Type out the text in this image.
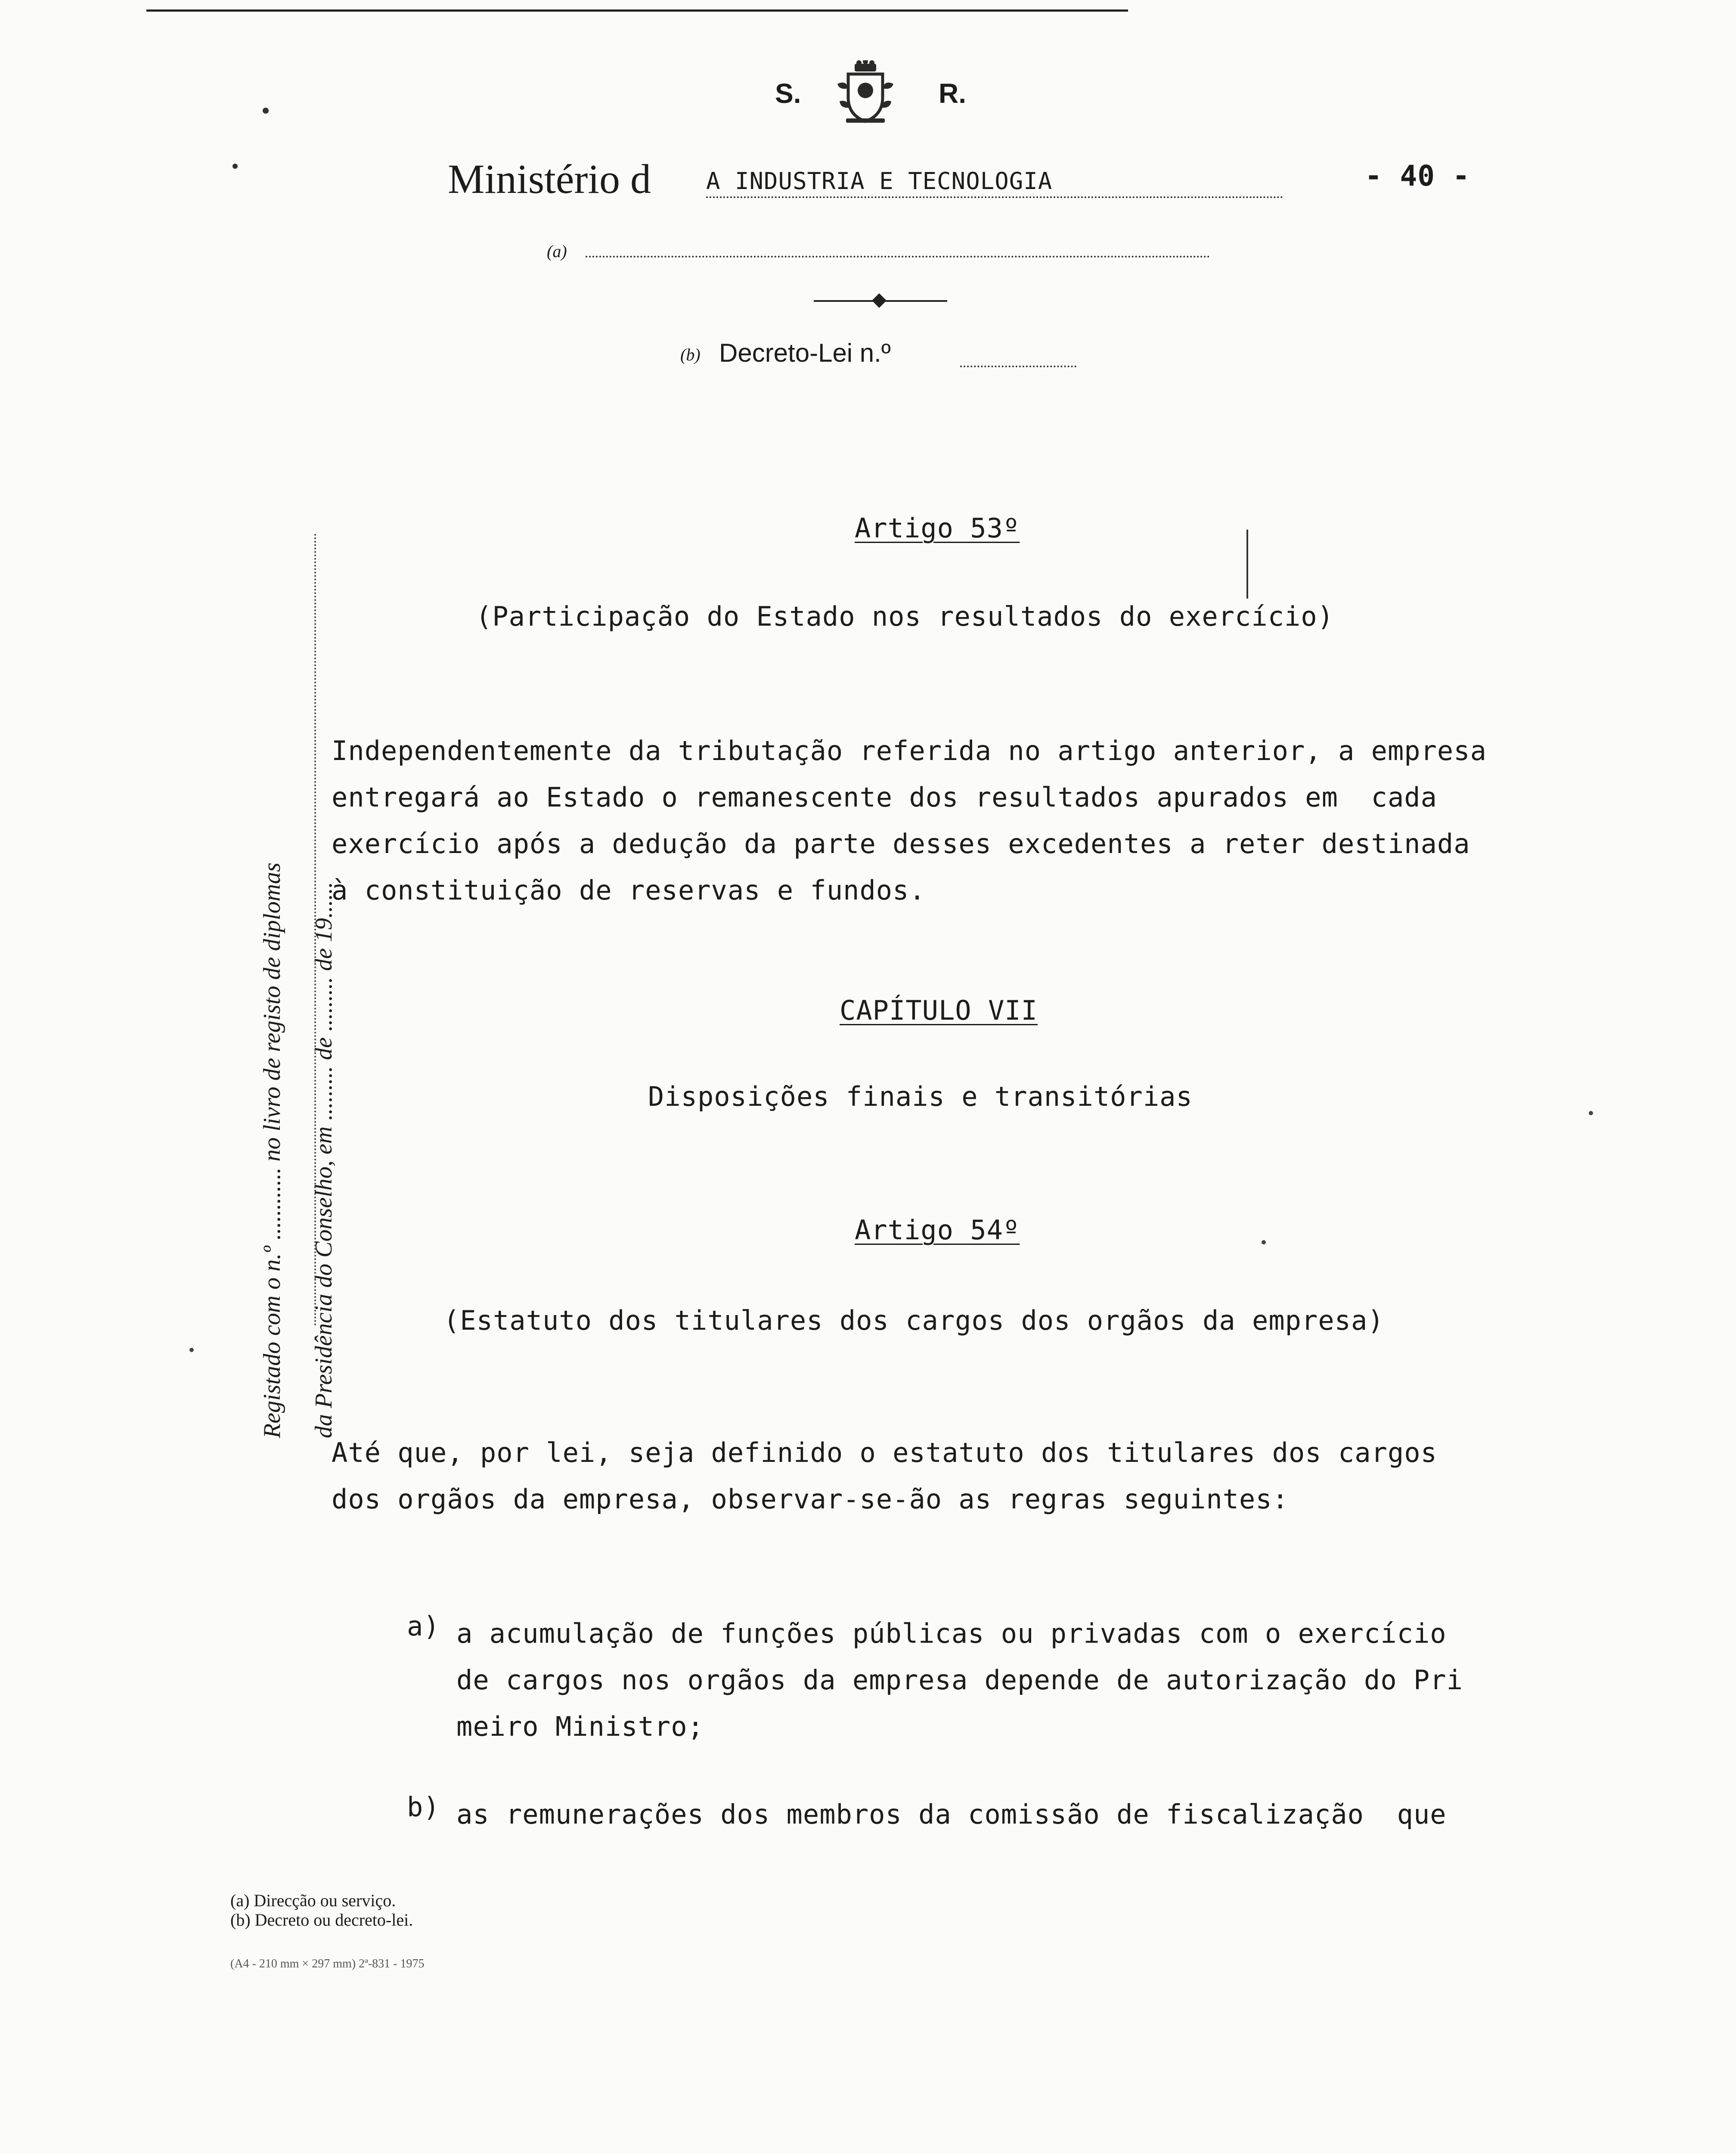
S.	R.
Ministério d A INDUSTRIA E TECNOLOGIA	- 40 -
(a)
(b) Decreto-Lei n.º
Registado com o n.º ............ no livro de registo de diplomas da Presidência do Conselho, em ......... de ......... de 19......
Artigo 53º
(Participação do Estado nos resultados do exercício)
Independentemente da tributação referida no artigo anterior, a empresa
entregará ao Estado o remanescente dos resultados apurados em  cada
exercício após a dedução da parte desses excedentes a reter destinada
à constituição de reservas e fundos.
CAPÍTULO VII
Disposições finais e transitórias
Artigo 54º
(Estatuto dos titulares dos cargos dos orgãos da empresa)
Até que, por lei, seja definido o estatuto dos titulares dos cargos
dos orgãos da empresa, observar-se-ão as regras seguintes:
a) a acumulação de funções públicas ou privadas com o exercício
de cargos nos orgãos da empresa depende de autorização do Pri
meiro Ministro;
b) as remunerações dos membros da comissão de fiscalização  que
(a) Direcção ou serviço.
(b) Decreto ou decreto-lei.
(A4 - 210 mm × 297 mm) 2ª-831 - 1975
